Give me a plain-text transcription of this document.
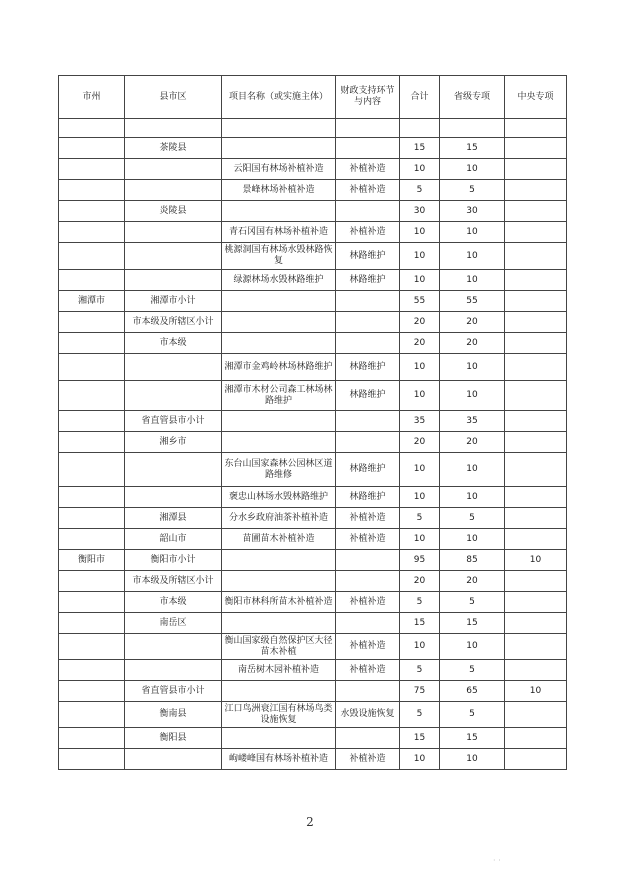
市州	县市区	项目名称（或实施主体）	财政支持环节与内容	合计	省级专项	中央专项

	茶陵县			15	15	
		云阳国有林场补植补造	补植补造	10	10	
		景峰林场补植补造	补植补造	5	5	
	炎陵县			30	30	
		青石冈国有林场补植补造	补植补造	10	10	
		桃源洞国有林场水毁林路恢复	林路维护	10	10	
		绿源林场水毁林路维护	林路维护	10	10	
湘潭市	湘潭市小计			55	55	
	市本级及所辖区小计			20	20	
	市本级			20	20	
		湘潭市金鸡岭林场林路维护	林路维护	10	10	
		湘潭市木材公司森工林场林路维护	林路维护	10	10	
	省直管县市小计			35	35	
	湘乡市			20	20	
		东台山国家森林公园林区道路维修	林路维护	10	10	
		褒忠山林场水毁林路维护	林路维护	10	10	
	湘潭县	分水乡政府油茶补植补造	补植补造	5	5	
	韶山市	苗圃苗木补植补造	补植补造	10	10	
衡阳市	衡阳市小计			95	85	10
	市本级及所辖区小计			20	20	
	市本级	衡阳市林科所苗木补植补造	补植补造	5	5	
	南岳区			15	15	
		衡山国家级自然保护区大径苗木补植	补植补造	10	10	
		南岳树木园补植补造	补植补造	5	5	
	省直管县市小计			75	65	10
	衡南县	江口鸟洲衰江国有林场鸟类设施恢复	水毁设施恢复	5	5	
	衡阳县			15	15	
		岣嵝峰国有林场补植补造	补植补造	10	10	
2
· ·
